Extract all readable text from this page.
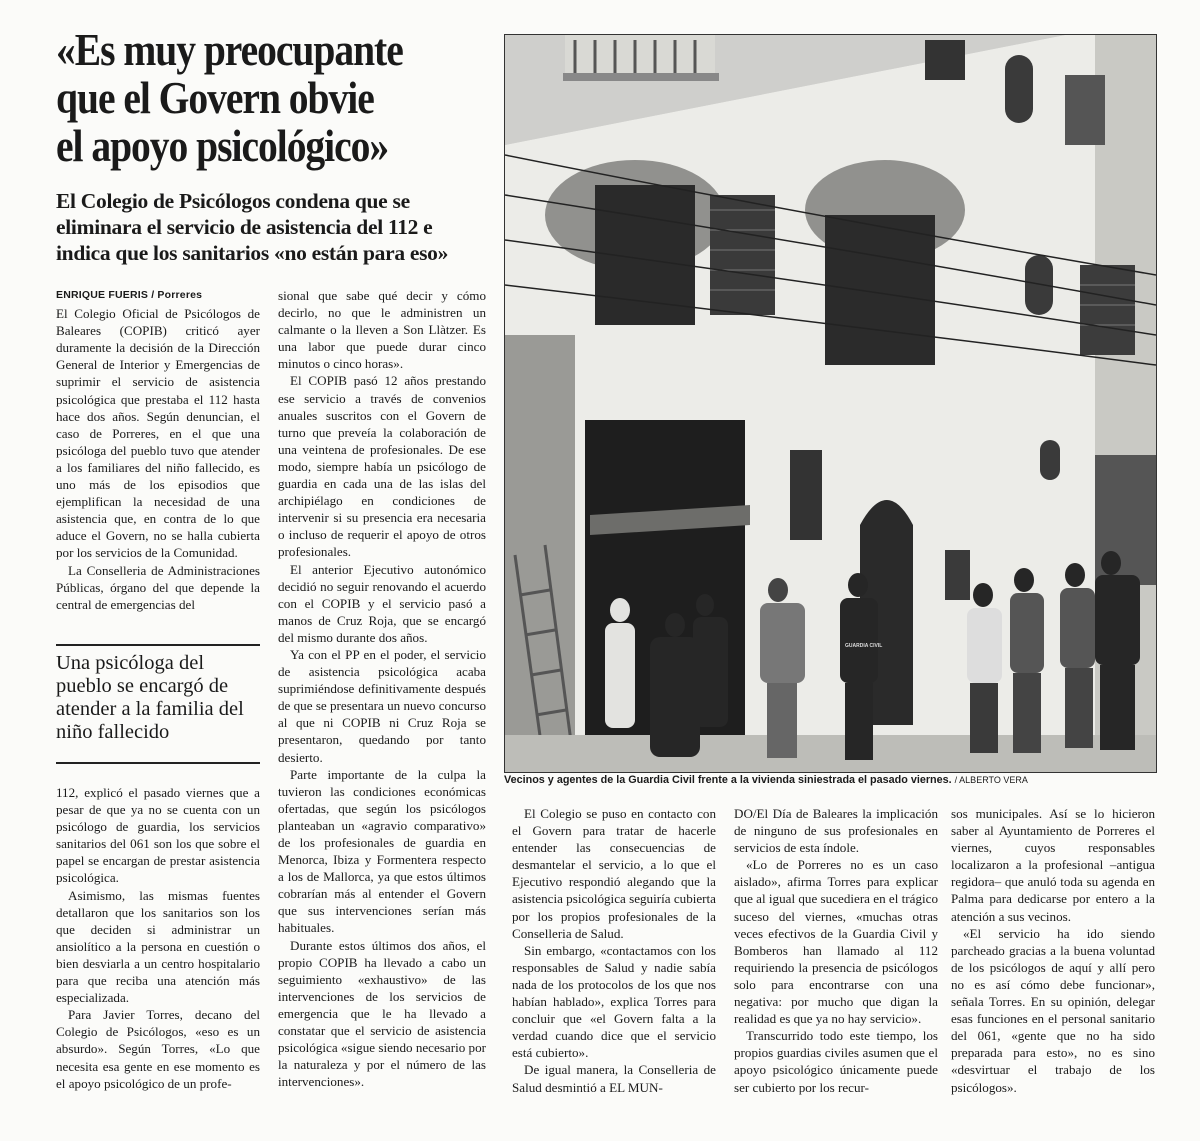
«Es muy preocupante
que el Govern obvie
el apoyo psicológico»
El Colegio de Psicólogos condena que se
eliminara el servicio de asistencia del 112 e
indica que los sanitarios «no están para eso»

ENRIQUE FUERIS / Porreres

El Colegio Oficial de Psicólogos de Baleares (COPIB) criticó ayer duramente la decisión de la Dirección General de Interior y Emergencias de suprimir el servicio de asistencia psicológica que prestaba el 112 hasta hace dos años. Según denuncian, el caso de Porreres, en el que una psicóloga del pueblo tuvo que atender a los familiares del niño fallecido, es uno más de los episodios que ejemplifican la necesidad de una asistencia que, en contra de lo que aduce el Govern, no se halla cubierta por los servicios de la Comunidad.

La Conselleria de Administraciones Públicas, órgano del que depende la central de emergencias del

Una psicóloga del pueblo se encargó de atender a la familia del niño fallecido

112, explicó el pasado viernes que a pesar de que ya no se cuenta con un psicólogo de guardia, los servicios sanitarios del 061 son los que sobre el papel se encargan de prestar asistencia psicológica.

Asimismo, las mismas fuentes detallaron que los sanitarios son los que deciden si administrar un ansiolítico a la persona en cuestión o bien desviarla a un centro hospitalario para que reciba una atención más especializada.

Para Javier Torres, decano del Colegio de Psicólogos, «eso es un absurdo». Según Torres, «Lo que necesita esa gente en ese momento es el apoyo psicológico de un profe-

sional que sabe qué decir y cómo decirlo, no que le administren un calmante o la lleven a Son Llàtzer. Es una labor que puede durar cinco minutos o cinco horas».

El COPIB pasó 12 años prestando ese servicio a través de convenios anuales suscritos con el Govern de turno que preveía la colaboración de una veintena de profesionales. De ese modo, siempre había un psicólogo de guardia en cada una de las islas del archipiélago en condiciones de intervenir si su presencia era necesaria o incluso de requerir el apoyo de otros profesionales.

El anterior Ejecutivo autonómico decidió no seguir renovando el acuerdo con el COPIB y el servicio pasó a manos de Cruz Roja, que se encargó del mismo durante dos años.

Ya con el PP en el poder, el servicio de asistencia psicológica acaba suprimiéndose definitivamente después de que se presentara un nuevo concurso al que ni COPIB ni Cruz Roja se presentaron, quedando por tanto desierto.

Parte importante de la culpa la tuvieron las condiciones económicas ofertadas, que según los psicólogos planteaban un «agravio comparativo» de los profesionales de guardia en Menorca, Ibiza y Formentera respecto a los de Mallorca, ya que estos últimos cobrarían más al entender el Govern que sus intervenciones serían más habituales.

Durante estos últimos dos años, el propio COPIB ha llevado a cabo un seguimiento «exhaustivo» de las intervenciones de los servicios de emergencia que le ha llevado a constatar que el servicio de asistencia psicológica «sigue siendo necesario por la naturaleza y por el número de las intervenciones».

GUARDIA CIVIL
Vecinos y agentes de la Guardia Civil frente a la vivienda siniestrada el pasado viernes. / ALBERTO VERA

El Colegio se puso en contacto con el Govern para tratar de hacerle entender las consecuencias de desmantelar el servicio, a lo que el Ejecutivo respondió alegando que la asistencia psicológica seguiría cubierta por los propios profesionales de la Conselleria de Salud.

Sin embargo, «contactamos con los responsables de Salud y nadie sabía nada de los protocolos de los que nos habían hablado», explica Torres para concluir que «el Govern falta a la verdad cuando dice que el servicio está cubierto».

De igual manera, la Conselleria de Salud desmintió a EL MUN-

DO/El Día de Baleares la implicación de ninguno de sus profesionales en servicios de esta índole.

«Lo de Porreres no es un caso aislado», afirma Torres para explicar que al igual que sucediera en el trágico suceso del viernes, «muchas otras veces efectivos de la Guardia Civil y Bomberos han llamado al 112 requiriendo la presencia de psicólogos solo para encontrarse con una negativa: por mucho que digan la realidad es que ya no hay servicio».

Transcurrido todo este tiempo, los propios guardias civiles asumen que el apoyo psicológico únicamente puede ser cubierto por los recur-

sos municipales. Así se lo hicieron saber al Ayuntamiento de Porreres el viernes, cuyos responsables localizaron a la profesional –antigua regidora– que anuló toda su agenda en Palma para dedicarse por entero a la atención a sus vecinos.

«El servicio ha ido siendo parcheado gracias a la buena voluntad de los psicólogos de aquí y allí pero no es así cómo debe funcionar», señala Torres. En su opinión, delegar esas funciones en el personal sanitario del 061, «gente que no ha sido preparada para esto», no es sino «desvirtuar el trabajo de los psicólogos».
